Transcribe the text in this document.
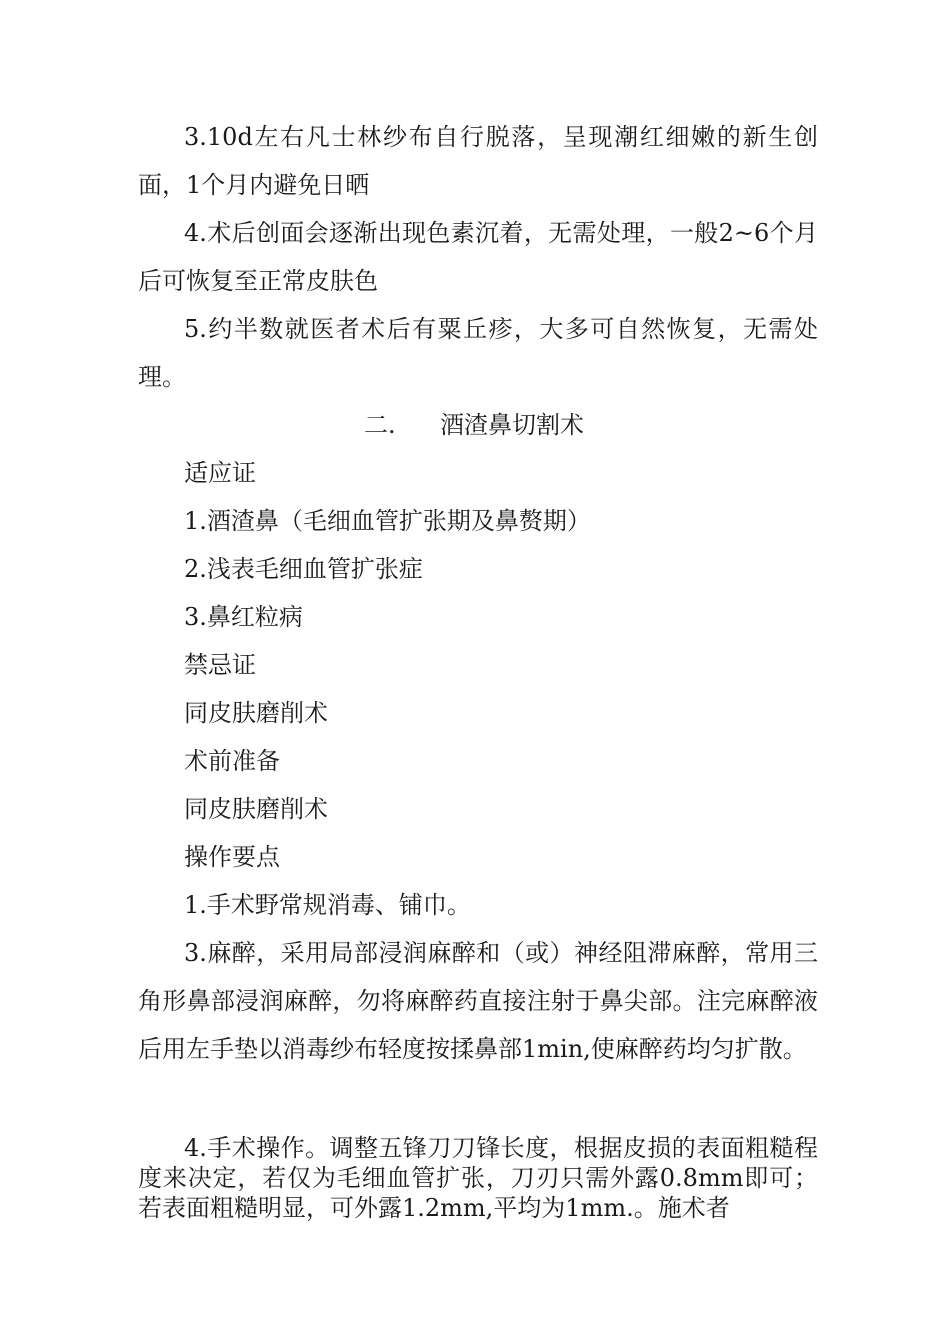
3.10d左右凡士林纱布自行脱落，呈现潮红细嫩的新生创面，1个月内避免日晒

4.术后创面会逐渐出现色素沉着，无需处理，一般2~6个月后可恢复至正常皮肤色

5.约半数就医者术后有粟丘疹，大多可自然恢复，无需处理。

二. 酒渣鼻切割术

适应证

1.酒渣鼻（毛细血管扩张期及鼻赘期）

2.浅表毛细血管扩张症

3.鼻红粒病

禁忌证

同皮肤磨削术

术前准备

同皮肤磨削术

操作要点

1.手术野常规消毒、铺巾。

3.麻醉，采用局部浸润麻醉和（或）神经阻滞麻醉，常用三角形鼻部浸润麻醉，勿将麻醉药直接注射于鼻尖部。注完麻醉液后用左手垫以消毒纱布轻度按揉鼻部1min,使麻醉药均匀扩散。

4.手术操作。调整五锋刀刀锋长度，根据皮损的表面粗糙程度来决定，若仅为毛细血管扩张，刀刃只需外露0.8mm即可；若表面粗糙明显，可外露1.2mm,平均为1mm.。施术者
